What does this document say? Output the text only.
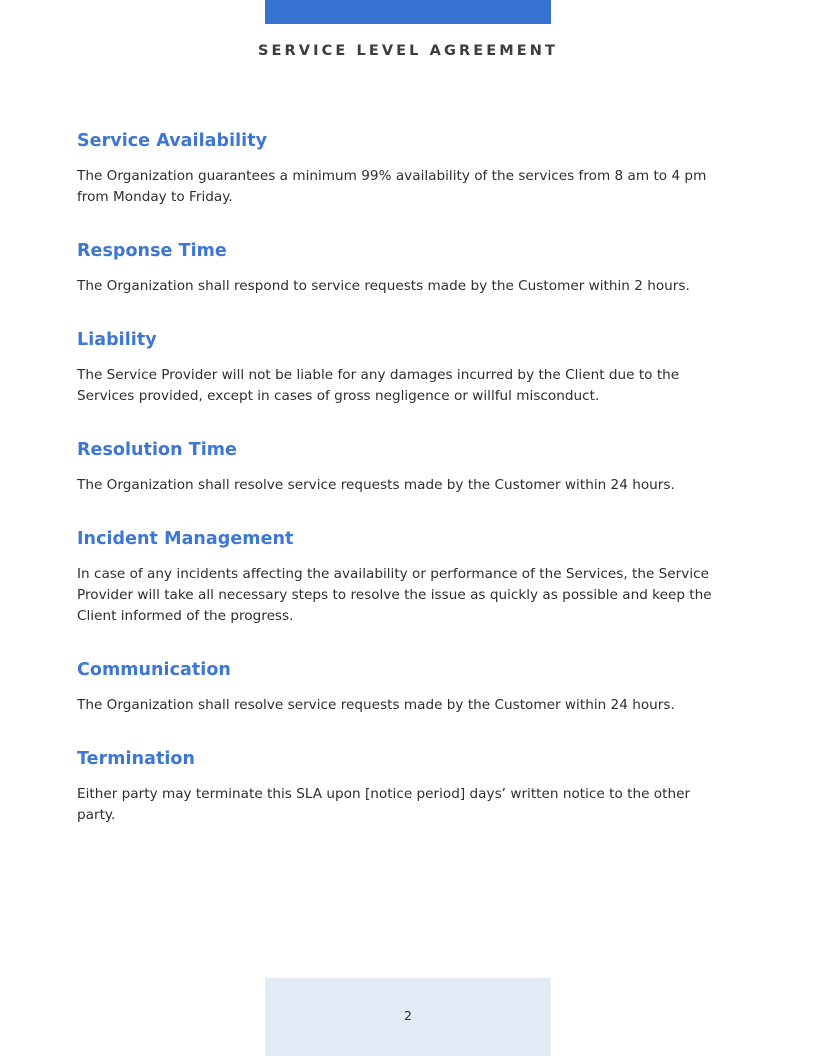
SERVICE LEVEL AGREEMENT
Service Availability

The Organization guarantees a minimum 99% availability of the services from 8 am to 4 pm from Monday to Friday.

Response Time

The Organization shall respond to service requests made by the Customer within 2 hours.

Liability

The Service Provider will not be liable for any damages incurred by the Client due to the Services provided, except in cases of gross negligence or willful misconduct.

Resolution Time

The Organization shall resolve service requests made by the Customer within 24 hours.

Incident Management

In case of any incidents affecting the availability or performance of the Services, the Service Provider will take all necessary steps to resolve the issue as quickly as possible and keep the Client informed of the progress.

Communication

The Organization shall resolve service requests made by the Customer within 24 hours.

Termination

Either party may terminate this SLA upon [notice period] days’ written notice to the other party.

2
